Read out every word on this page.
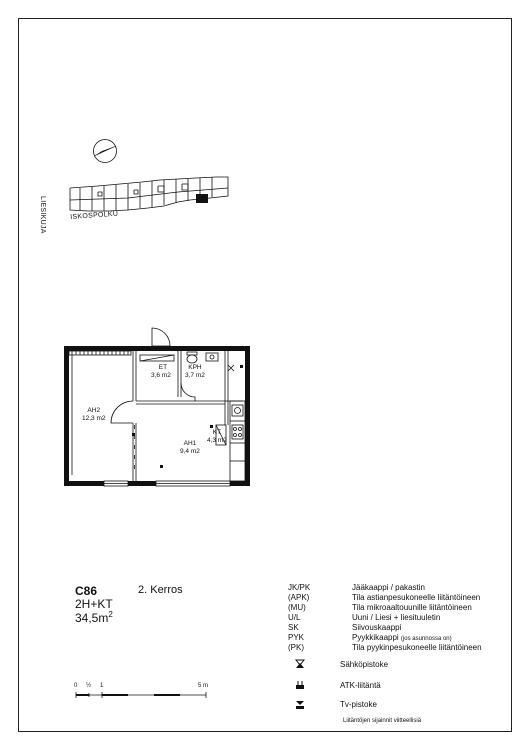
LIESIKUJA	ISKOSPOLKU
ET
3,6 m2
KPH
3,7 m2
AH2
12,3 m2
AH1
9,4 m2
KT
4,3 m2
C86
2H+KT
$34,5m^2$
2. Kerros	JK/PK	Jääkaappi / pakastin
(APK)	Tila astianpesukoneelle liitäntöineen
(MU)	Tila mikroaaltouunille liitäntöineen
U/L	Uuni / Liesi + liesituuletin
SK	Siivouskaappi
PYK	Pyykkikaappi (jos asunnossa on)
(PK)	Tila pyykinpesukoneelle liitäntöineen
Sähköpistoke
ATK-liitäntä
Tv-pistoke
0 ½ 1	5 m
Liitäntöjen sijainnit viitteellisiä
